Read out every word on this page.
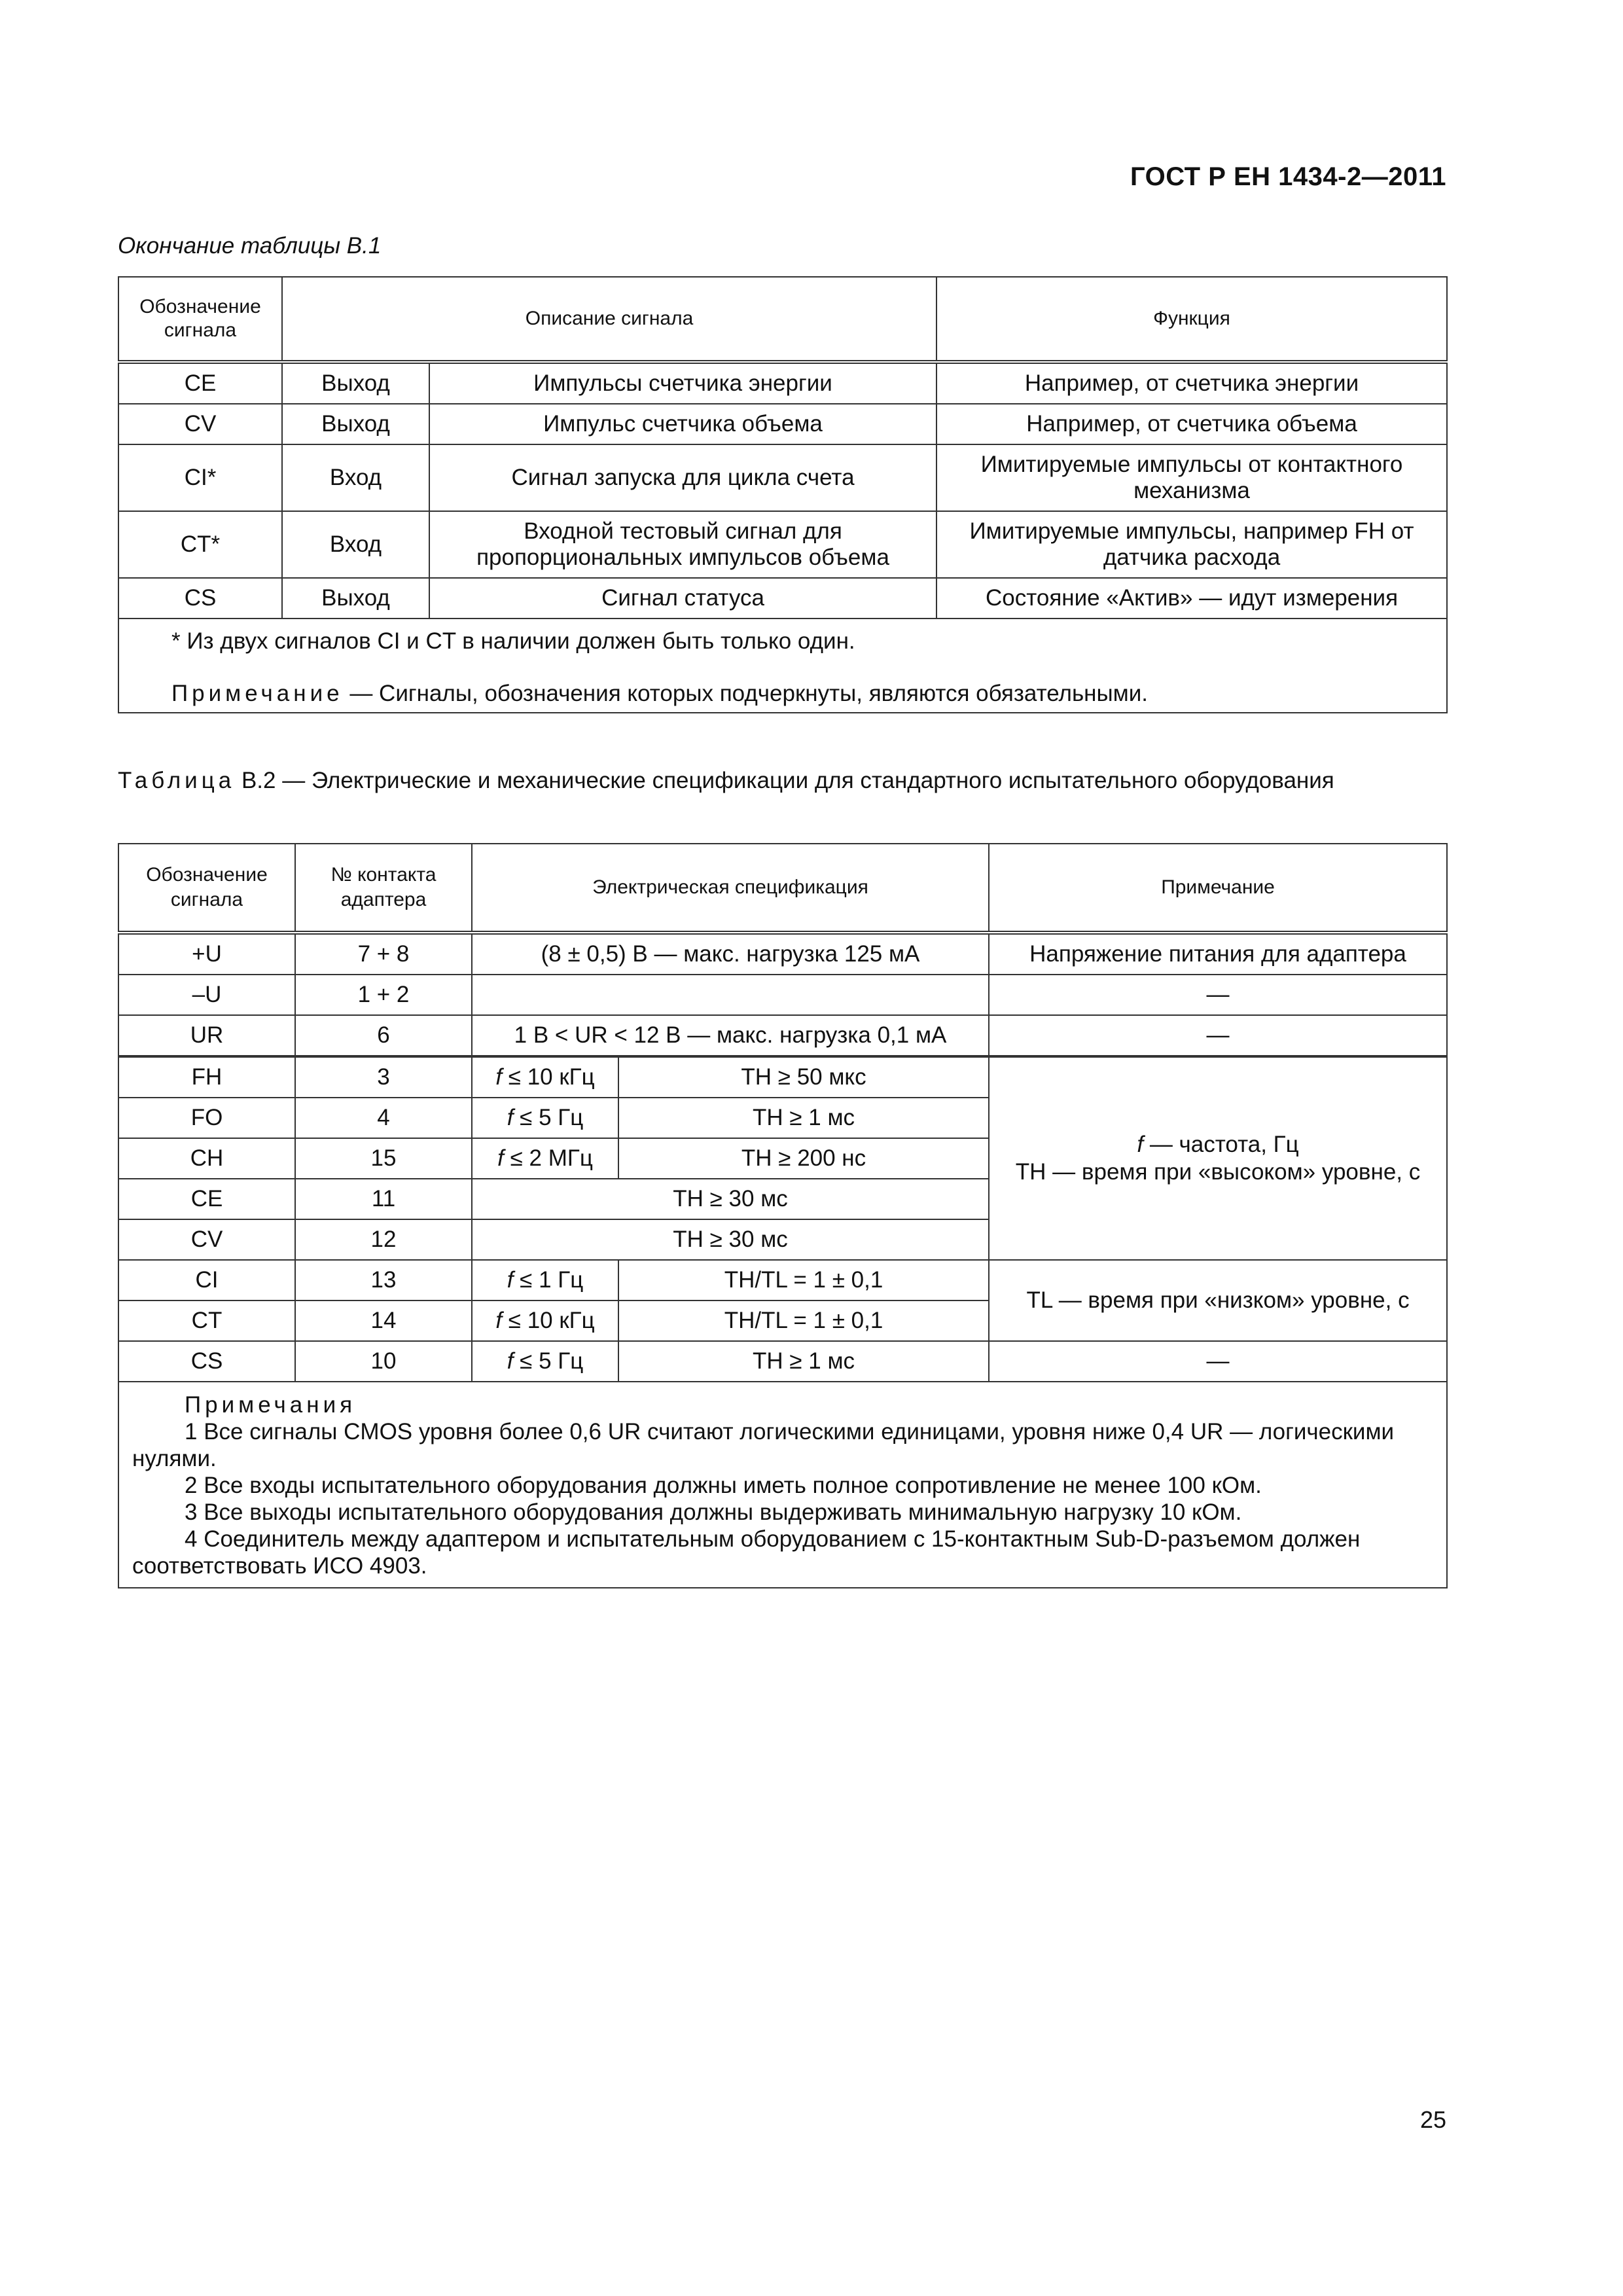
ГОСТ Р ЕН 1434-2—2011
Окончание таблицы В.1
Обозначение сигнала	Описание сигнала		Функция
CE	Выход	Импульсы счетчика энергии	Например, от счетчика энергии
CV	Выход	Импульс счетчика объема	Например, от счетчика объема
CI*	Вход	Сигнал запуска для цикла счета	Имитируемые импульсы от контактного механизма
CT*	Вход	Входной тестовый сигнал для пропорциональных импульсов объема	Имитируемые импульсы, например FH от датчика расхода
CS	Выход	Сигнал статуса	Состояние «Актив» — идут измерения

* Из двух сигналов CI и CT в наличии должен быть только один.

Примечание — Сигналы, обозначения которых подчеркнуты, являются обязательными.			

Таблица В.2 — Электрические и механические спецификации для стандартного испытательного оборудования
Обозначение сигнала	№ контакта адаптера	Электрическая спецификация		Примечание
+U	7 + 8	(8 ± 0,5) В — макс. нагрузка 125 мА		Напряжение питания для адаптера
–U	1 + 2			—
UR	6	1 В < UR < 12 В — макс. нагрузка 0,1 мА		—
FH	3	f ≤ 10 кГц	TH ≥ 50 мкс	f — частота, Гц
TH — время при «высоком» уровне, с

FO	4	f ≤ 5 Гц	TH ≥ 1 мс	
CH	15	f ≤ 2 МГц	TH ≥ 200 нс	
CE	11	TH ≥ 30 мс		
CV	12	TH ≥ 30 мс		
CI	13	f ≤ 1 Гц	TH/TL = 1 ± 0,1	TL — время при «низком» уровне, с
CT	14	f ≤ 10 кГц	TH/TL = 1 ± 0,1	
CS	10	f ≤ 5 Гц	TH ≥ 1 мс	—

Примечания

1 Все сигналы CMOS уровня более 0,6 UR считают логическими единицами, уровня ниже 0,4 UR — логическими нулями.

2 Все входы испытательного оборудования должны иметь полное сопротивление не менее 100 кОм.

3 Все выходы испытательного оборудования должны выдерживать минимальную нагрузку 10 кОм.

4 Соединитель между адаптером и испытательным оборудованием с 15-контактным Sub-D-разъемом должен соответствовать ИСО 4903.				

25
